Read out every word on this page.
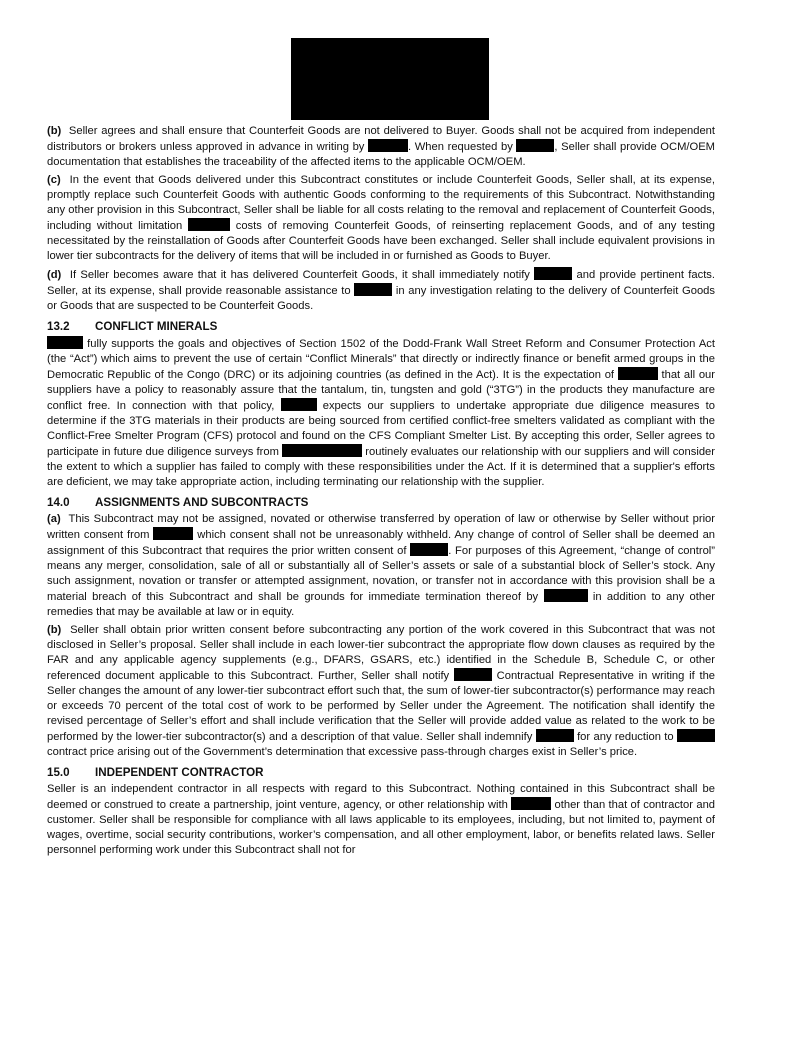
(b) Seller agrees and shall ensure that Counterfeit Goods are not delivered to Buyer. Goods shall not be acquired from independent distributors or brokers unless approved in advance in writing by	. When requested by	, Seller shall provide OCM/OEM documentation that establishes the traceability of the affected items to the applicable OCM/OEM.

(c) In the event that Goods delivered under this Subcontract constitutes or include Counterfeit Goods, Seller shall, at its expense, promptly replace such Counterfeit Goods with authentic Goods conforming to the requirements of this Subcontract. Notwithstanding any other provision in this Subcontract, Seller shall be liable for all costs relating to the removal and replacement of Counterfeit Goods, including without limitation	costs of removing Counterfeit Goods, of reinserting replacement Goods, and of any testing necessitated by the reinstallation of Goods after Counterfeit Goods have been exchanged. Seller shall include equivalent provisions in lower tier subcontracts for the delivery of items that will be included in or furnished as Goods to Buyer.

(d) If Seller becomes aware that it has delivered Counterfeit Goods, it shall immediately notify	and provide pertinent facts. Seller, at its expense, shall provide reasonable assistance to	in any investigation relating to the delivery of Counterfeit Goods or Goods that are suspected to be Counterfeit Goods.

13.2 CONFLICT MINERALS

fully supports the goals and objectives of Section 1502 of the Dodd-Frank Wall Street Reform and Consumer Protection Act (the “Act”) which aims to prevent the use of certain “Conflict Minerals” that directly or indirectly finance or benefit armed groups in the Democratic Republic of the Congo (DRC) or its adjoining countries (as defined in the Act). It is the expectation of	that all our suppliers have a policy to reasonably assure that the tantalum, tin, tungsten and gold (“3TG”) in the products they manufacture are conflict free. In connection with that policy,	expects our suppliers to undertake appropriate due diligence measures to determine if the 3TG materials in their products are being sourced from certified conflict-free smelters validated as compliant with the Conflict-Free Smelter Program (CFS) protocol and found on the CFS Compliant Smelter List. By accepting this order, Seller agrees to participate in future due diligence surveys from	routinely evaluates our relationship with our suppliers and will consider the extent to which a supplier has failed to comply with these responsibilities under the Act. If it is determined that a supplier's efforts are deficient, we may take appropriate action, including terminating our relationship with the supplier.

14.0 ASSIGNMENTS AND SUBCONTRACTS

(a) This Subcontract may not be assigned, novated or otherwise transferred by operation of law or otherwise by Seller without prior written consent from	which consent shall not be unreasonably withheld. Any change of control of Seller shall be deemed an assignment of this Subcontract that requires the prior written consent of	. For purposes of this Agreement, “change of control” means any merger, consolidation, sale of all or substantially all of Seller’s assets or sale of a substantial block of Seller’s stock. Any such assignment, novation or transfer or attempted assignment, novation, or transfer not in accordance with this provision shall be a material breach of this Subcontract and shall be grounds for immediate termination thereof by	in addition to any other remedies that may be available at law or in equity.

(b) Seller shall obtain prior written consent before subcontracting any portion of the work covered in this Subcontract that was not disclosed in Seller’s proposal. Seller shall include in each lower-tier subcontract the appropriate flow down clauses as required by the FAR and any applicable agency supplements (e.g., DFARS, GSARS, etc.) identified in the Schedule B, Schedule C, or other referenced document applicable to this Subcontract. Further, Seller shall notify	Contractual Representative in writing if the Seller changes the amount of any lower-tier subcontract effort such that, the sum of lower-tier subcontractor(s) performance may reach or exceeds 70 percent of the total cost of work to be performed by Seller under the Agreement. The notification shall identify the revised percentage of Seller’s effort and shall include verification that the Seller will provide added value as related to the work to be performed by the lower-tier subcontractor(s) and a description of that value. Seller shall indemnify	for any reduction to  contract price arising out of the Government’s determination that excessive pass-through charges exist in Seller’s price.

15.0 INDEPENDENT CONTRACTOR

Seller is an independent contractor in all respects with regard to this Subcontract. Nothing contained in this Subcontract shall be deemed or construed to create a partnership, joint venture, agency, or other relationship with	other than that of contractor and customer. Seller shall be responsible for compliance with all laws applicable to its employees, including, but not limited to, payment of wages, overtime, social security contributions, worker’s compensation, and all other employment, labor, or benefits related laws. Seller personnel performing work under this Subcontract shall not for
